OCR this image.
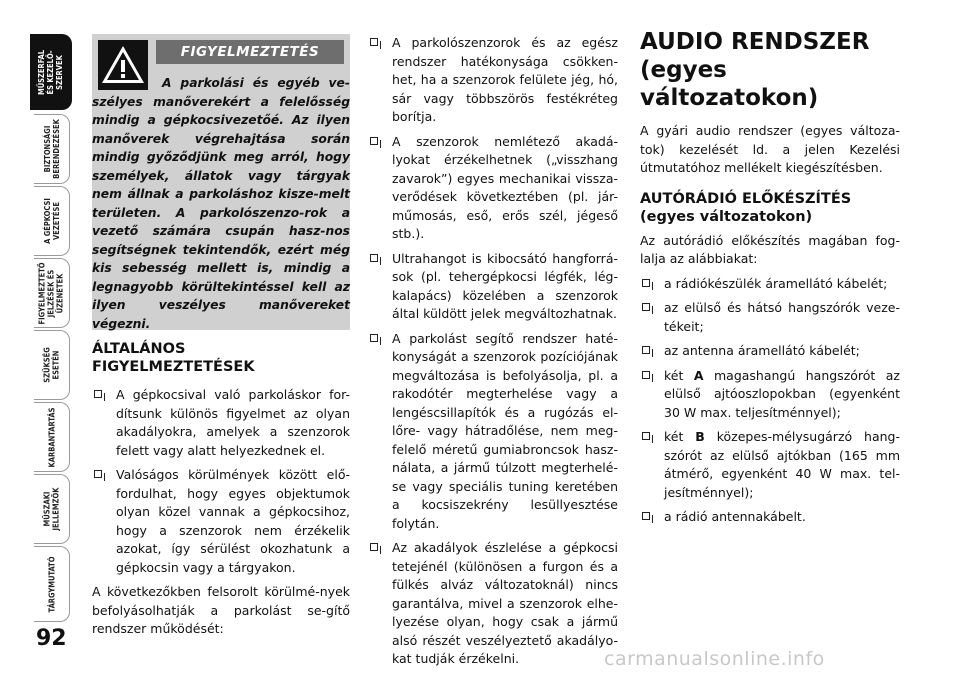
MŰSZERFAL
ÉS KEZELŐ-
SZERVEK
BIZTONSÁGI
BERENDEZÉSEK
A GÉPKOCSI
VEZETÉSE
FIGYELMEZTETŐ
JELZÉSEK ÉS
ÜZENETEK
SZÜKSÉG
ESETÉN
KARBANTARTÁS
MŰSZAKI
JELLEMZŐK
TÁRGYMUTATÓ
92
FIGYELMEZTETÉS
A parkolási és egyéb ve-szélyes manőverekért a felelősség mindig a gépkocsivezetőé. Az ilyen manőverek végrehajtása során mindig győződjünk meg arról, hogy személyek, állatok vagy tárgyak nem állnak a parkoláshoz kisze-melt területen. A parkolószenzo-rok a vezető számára csupán hasz-nos segítségnek tekintendők, ezért még kis sebesség mellett is, mindig a legnagyobb körültekintéssel kell az ilyen veszélyes manővereket végezni.
ÁLTALÁNOS FIGYELMEZTETÉSEK
A gépkocsival való parkoláskor for-dítsunk különös figyelmet az olyan akadályokra, amelyek a szenzorok felett vagy alatt helyezkednek el.
Valóságos körülmények között elő-fordulhat, hogy egyes objektumok olyan közel vannak a gépkocsihoz, hogy a szenzorok nem érzékelik azokat, így sérülést okozhatunk a gépkocsin vagy a tárgyakon.

A következőkben felsorolt körülmé-nyek befolyásolhatják a parkolást se-gítő rendszer működését:

A parkolószenzorok és az egész rendszer hatékonysága csökken-het, ha a szenzorok felülete jég, hó, sár vagy többszörös festékréteg borítja.
A szenzorok nemlétező akadá-lyokat érzékelhetnek („visszhang zavarok”) egyes mechanikai vissza-verődések következtében (pl. jár-műmosás, eső, erős szél, jégeső stb.).
Ultrahangot is kibocsátó hangforrá-sok (pl. tehergépkocsi légfék, lég-kalapács) közelében a szenzorok által küldött jelek megváltozhatnak.
A parkolást segítő rendszer haté-konyságát a szenzorok pozíciójának megváltozása is befolyásolja, pl. a rakodótér megterhelése vagy a lengéscsillapítók és a rugózás el-lőre- vagy hátradőlése, nem meg-felelő méretű gumiabroncsok hasz-nálata, a jármű túlzott megterhelé-se vagy speciális tuning keretében a kocsiszekrény lesüllyesztése folytán.
Az akadályok észlelése a gépkocsi tetejénél (különösen a furgon és a fülkés alváz változatoknál) nincs garantálva, mivel a szenzorok elhe-lyezése olyan, hogy csak a jármű alsó részét veszélyeztető akadályo-kat tudják érzékelni.
AUDIO RENDSZER
(egyes változatokon)

A gyári audio rendszer (egyes változa-tok) kezelését ld. a jelen Kezelési útmutatóhoz mellékelt kiegészítésben.

AUTÓRÁDIÓ ELŐKÉSZÍTÉS
(egyes változatokon)

Az autórádió előkészítés magában fog-lalja az alábbiakat:

a rádiókészülék áramellátó kábelét;
az elülső és hátsó hangszórók veze-tékeit;
az antenna áramellátó kábelét;
két A magashangú hangszórót az elülső ajtóoszlopokban (egyenként 30 W max. teljesítménnyel);
két B közepes-mélysugárzó hang-szórót az elülső ajtókban (165 mm átmérő, egyenként 40 W max. tel-jesítménnyel);
a rádió antennakábelt.
carmanualsonline.info
